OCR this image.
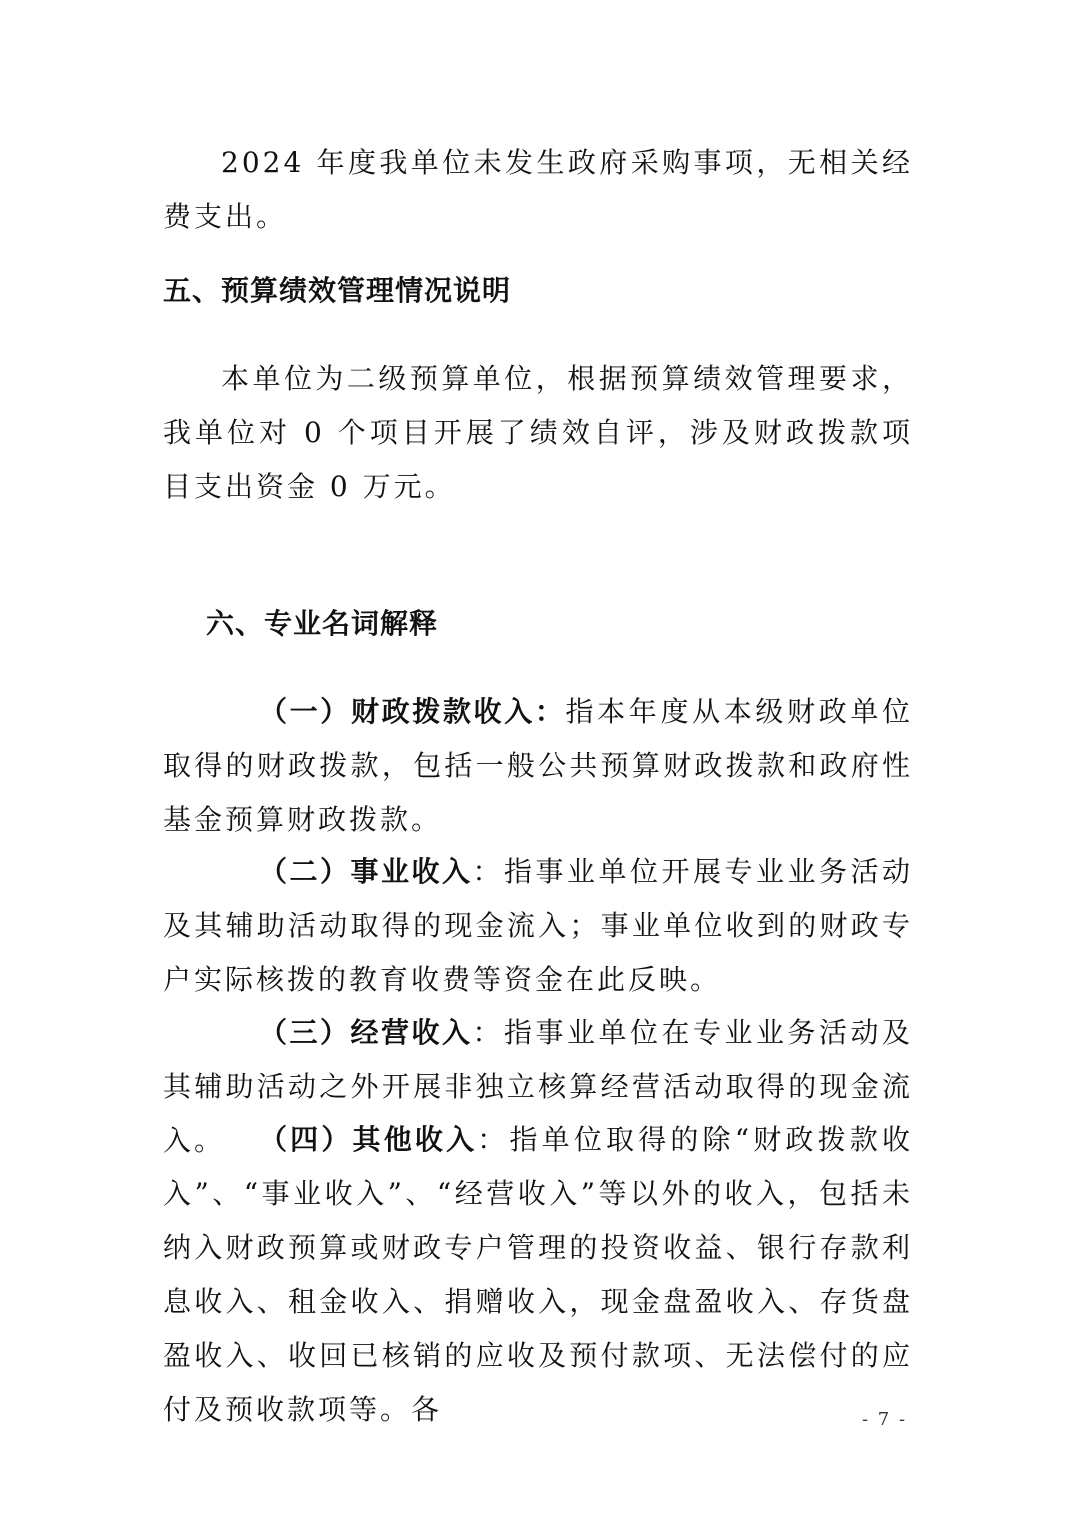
2024 年度我单位未发生政府采购事项，无相关经费支出。

五、预算绩效管理情况说明

本单位为二级预算单位，根据预算绩效管理要求，我单位对 0 个项目开展了绩效自评，涉及财政拨款项目支出资金 0 万元。

六、专业名词解释

（一）财政拨款收入：指本年度从本级财政单位取得的财政拨款，包括一般公共预算财政拨款和政府性基金预算财政拨款。

（二）事业收入：指事业单位开展专业业务活动及其辅助活动取得的现金流入；事业单位收到的财政专户实际核拨的教育收费等资金在此反映。

（三）经营收入：指事业单位在专业业务活动及其辅助活动之外开展非独立核算经营活动取得的现金流入。	（四）其他收入：指单位取得的除“财政拨款收入”、“事业收入”、“经营收入”等以外的收入，包括未纳入财政预算或财政专户管理的投资收益、银行存款利息收入、租金收入、捐赠收入，现金盘盈收入、存货盘盈收入、收回已核销的应收及预付款项、无法偿付的应付及预收款项等。各	- 7 -
